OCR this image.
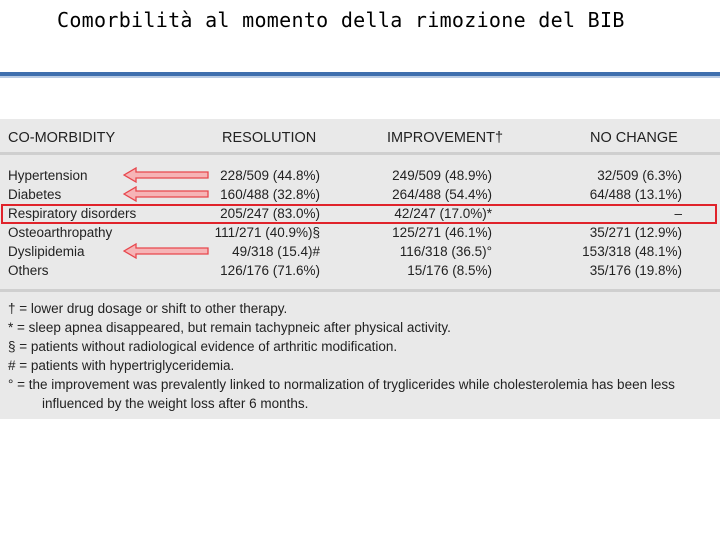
Comorbilità al momento della rimozione del BIB
CO-MORBIDITY	RESOLUTION	IMPROVEMENT†	NO CHANGE
Hypertension	228/509 (44.8%)	249/509 (48.9%)	32/509 (6.3%)
Diabetes	160/488 (32.8%)	264/488 (54.4%)	64/488 (13.1%)
Respiratory disorders	205/247 (83.0%)	42/247 (17.0%)*	–
Osteoarthropathy	111/271 (40.9%)§	125/271 (46.1%)	35/271 (12.9%)
Dyslipidemia	49/318 (15.4)#	116/318 (36.5)°	153/318 (48.1%)
Others	126/176 (71.6%)	15/176 (8.5%)	35/176 (19.8%)
† = lower drug dosage or shift to other therapy.
* = sleep apnea disappeared, but remain tachypneic after physical activity.
§ = patients without radiological evidence of arthritic modification.
# = patients with hypertriglyceridemia.
° = the improvement was prevalently linked to normalization of tryglicerides while cholesterolemia has been less
influenced by the weight loss after 6 months.
